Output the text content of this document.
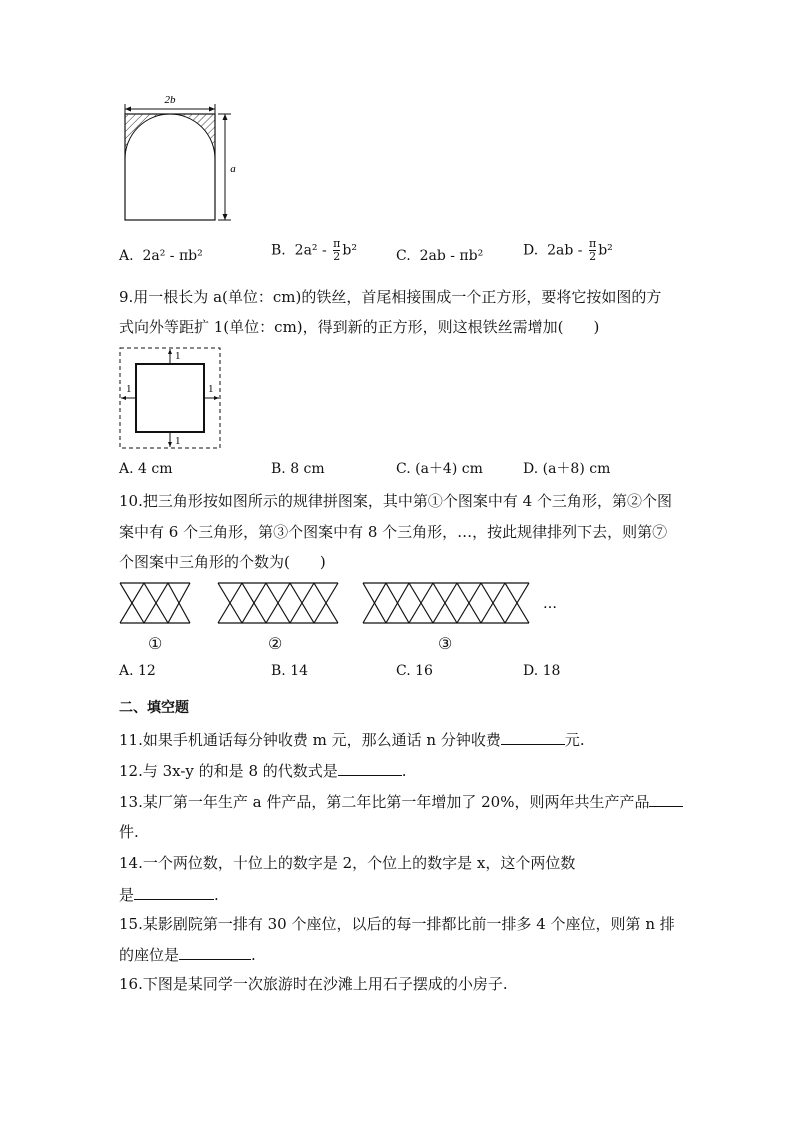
2b
a
A. 2a² - πb²	B. $2a^2 - \frac{\pi}{2} b^2$	C. 2ab - πb²	D. $2ab - \frac{\pi}{2} b^2$
9.用一根长为 a(单位：cm)的铁丝，首尾相接围成一个正方形，要将它按如图的方
式向外等距扩 1(单位：cm)，得到新的正方形，则这根铁丝需增加(　　)
1
1
1	1
A. 4 cm	B. 8 cm	C. (a＋4) cm	D. (a＋8) cm
10.把三角形按如图所示的规律拼图案，其中第①个图案中有 4 个三角形，第②个图
案中有 6 个三角形，第③个图案中有 8 个三角形，…，按此规律排列下去，则第⑦
个图案中三角形的个数为(　　)
…
①	②	③
A. 12	B. 14	C. 16	D. 18
二、填空题
11.如果手机通话每分钟收费 m 元，那么通话 n 分钟收费	元.
12.与 3x-y 的和是 8 的代数式是	.
13.某厂第一年生产 a 件产品，第二年比第一年增加了 20%，则两年共生产产品
件.
14.一个两位数，十位上的数字是 2，个位上的数字是 x，这个两位数
是	.
15.某影剧院第一排有 30 个座位，以后的每一排都比前一排多 4 个座位，则第 n 排
的座位是	.
16.下图是某同学一次旅游时在沙滩上用石子摆成的小房子.
